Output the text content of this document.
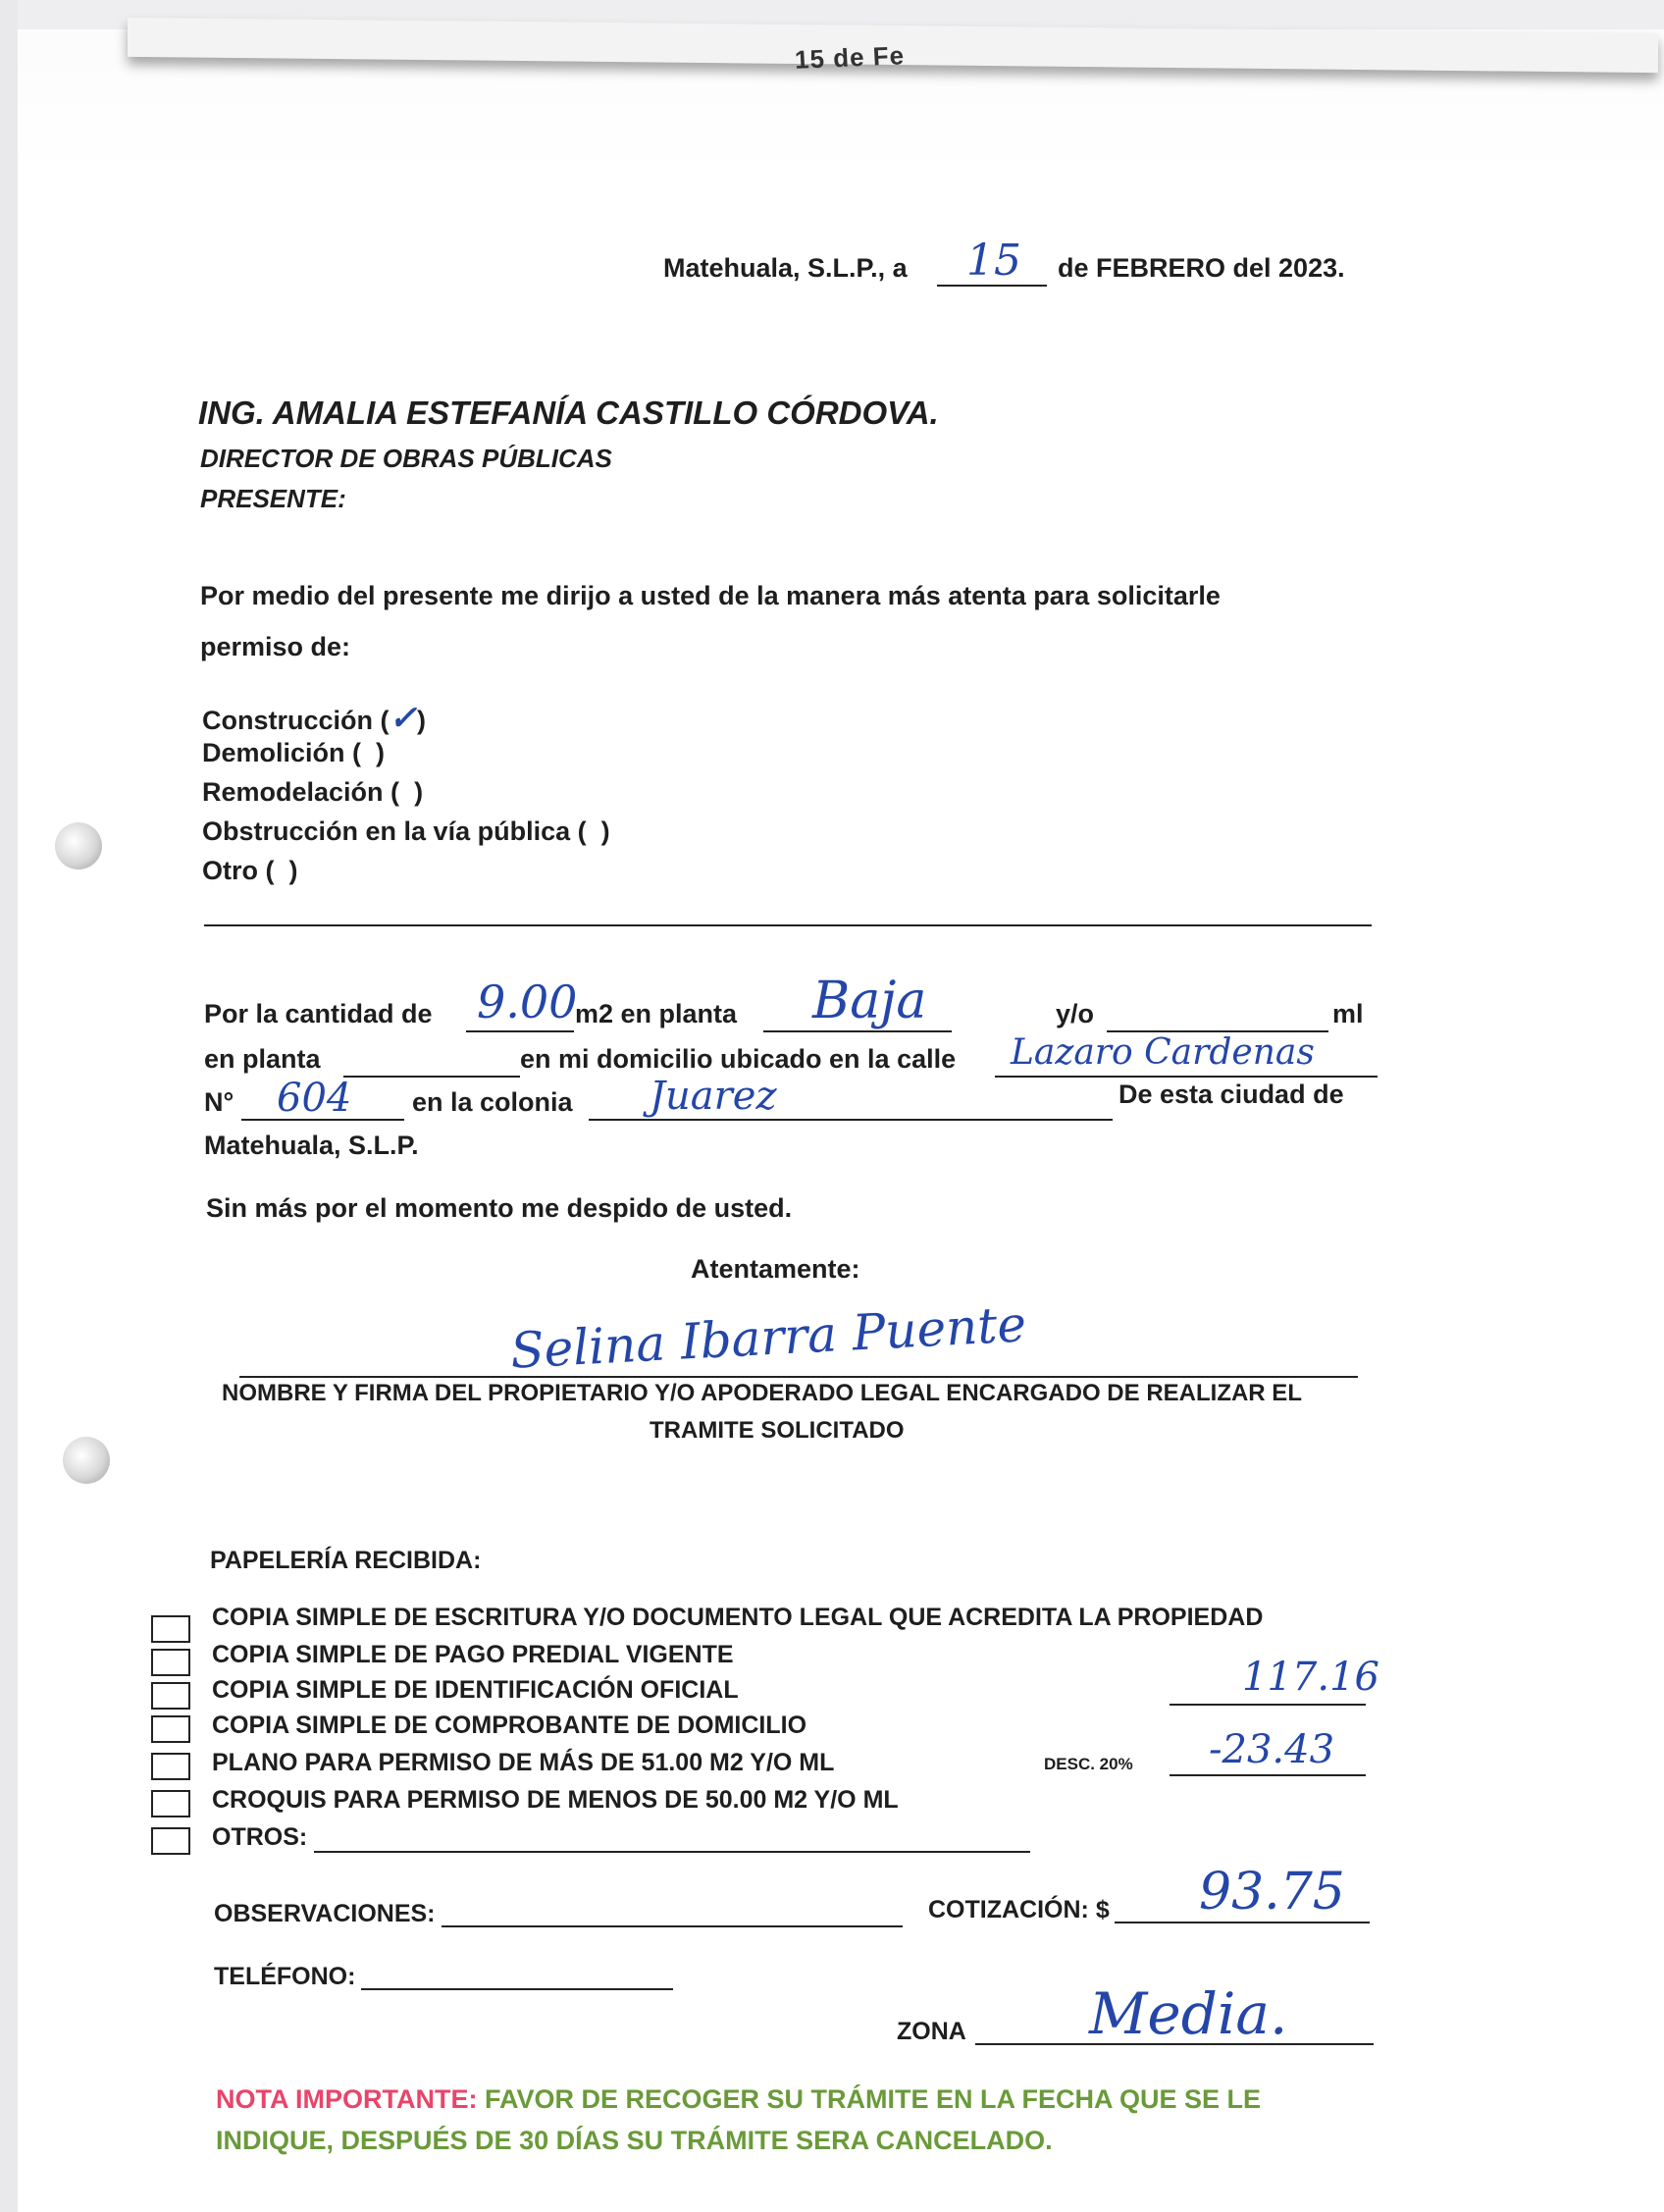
15 de Fe
Matehuala, S.L.P., a 15 de FEBRERO del 2023.
ING. AMALIA ESTEFANÍA CASTILLO CÓRDOVA.
DIRECTOR DE OBRAS PÚBLICAS
PRESENTE:
Por medio del presente me dirijo a usted de la manera más atenta para solicitarle
permiso de:
Construcción (✓)
Demolición ( )
Remodelación ( )
Obstrucción en la vía pública ( )
Otro ( )
Por la cantidad de 9.00
m2 en planta Baja	y/o	ml
en planta	en mi domicilio ubicado en la calle Lazaro Cardenas
N° 604 en la colonia Juarez	De esta ciudad de
Matehuala, S.L.P.
Sin más por el momento me despido de usted.
Atentamente:
Selina Ibarra Puente
NOMBRE Y FIRMA DEL PROPIETARIO Y/O APODERADO LEGAL ENCARGADO DE REALIZAR EL
TRAMITE SOLICITADO
PAPELERÍA RECIBIDA:
COPIA SIMPLE DE ESCRITURA Y/O DOCUMENTO LEGAL QUE ACREDITA LA PROPIEDAD
COPIA SIMPLE DE PAGO PREDIAL VIGENTE
COPIA SIMPLE DE IDENTIFICACIÓN OFICIAL
COPIA SIMPLE DE COMPROBANTE DE DOMICILIO
PLANO PARA PERMISO DE MÁS DE 51.00 M2 Y/O ML
CROQUIS PARA PERMISO DE MENOS DE 50.00 M2 Y/O ML
OTROS:
117.16
DESC. 20% -23.43
OBSERVACIONES:	COTIZACIÓN: $ 93.75
TELÉFONO:
ZONA Media.
NOTA IMPORTANTE: FAVOR DE RECOGER SU TRÁMITE EN LA FECHA QUE SE LE
INDIQUE, DESPUÉS DE 30 DÍAS SU TRÁMITE SERA CANCELADO.
